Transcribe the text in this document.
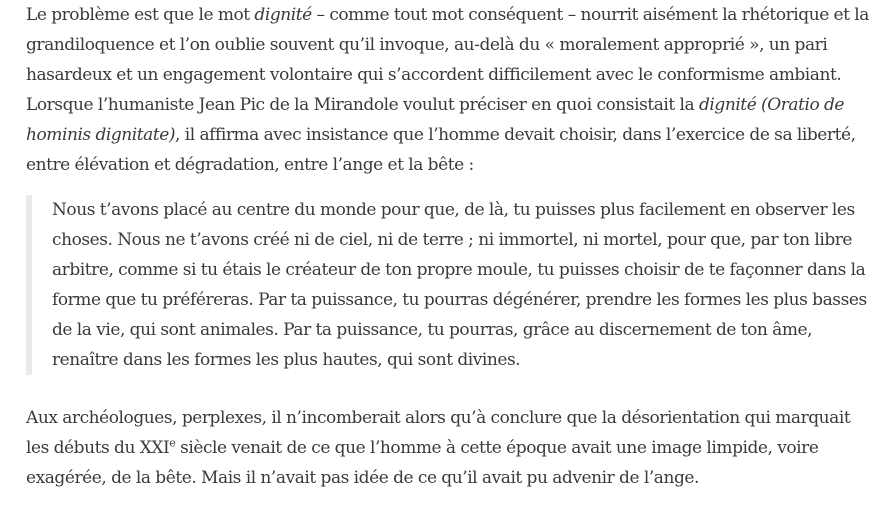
Le problème est que le mot dignité – comme tout mot conséquent – nourrit aisément la rhétorique et la grandiloquence et l’on oublie souvent qu’il invoque, au-delà du « moralement approprié », un pari hasardeux et un engagement volontaire qui s’accordent difficilement avec le conformisme ambiant. Lorsque l’humaniste Jean Pic de la Mirandole voulut préciser en quoi consistait la dignité (Oratio de hominis dignitate), il affirma avec insistance que l’homme devait choisir, dans l’exercice de sa liberté, entre élévation et dégradation, entre l’ange et la bête :

Nous t’avons placé au centre du monde pour que, de là, tu puisses plus facilement en observer les choses. Nous ne t’avons créé ni de ciel, ni de terre ; ni immortel, ni mortel, pour que, par ton libre arbitre, comme si tu étais le créateur de ton propre moule, tu puisses choisir de te façonner dans la forme que tu préféreras. Par ta puissance, tu pourras dégénérer, prendre les formes les plus basses de la vie, qui sont animales. Par ta puissance, tu pourras, grâce au discernement de ton âme, renaître dans les formes les plus hautes, qui sont divines.

Aux archéologues, perplexes, il n’incomberait alors qu’à conclure que la désorientation qui marquait les débuts du XXIe siècle venait de ce que l’homme à cette époque avait une image limpide, voire exagérée, de la bête. Mais il n’avait pas idée de ce qu’il avait pu advenir de l’ange.
